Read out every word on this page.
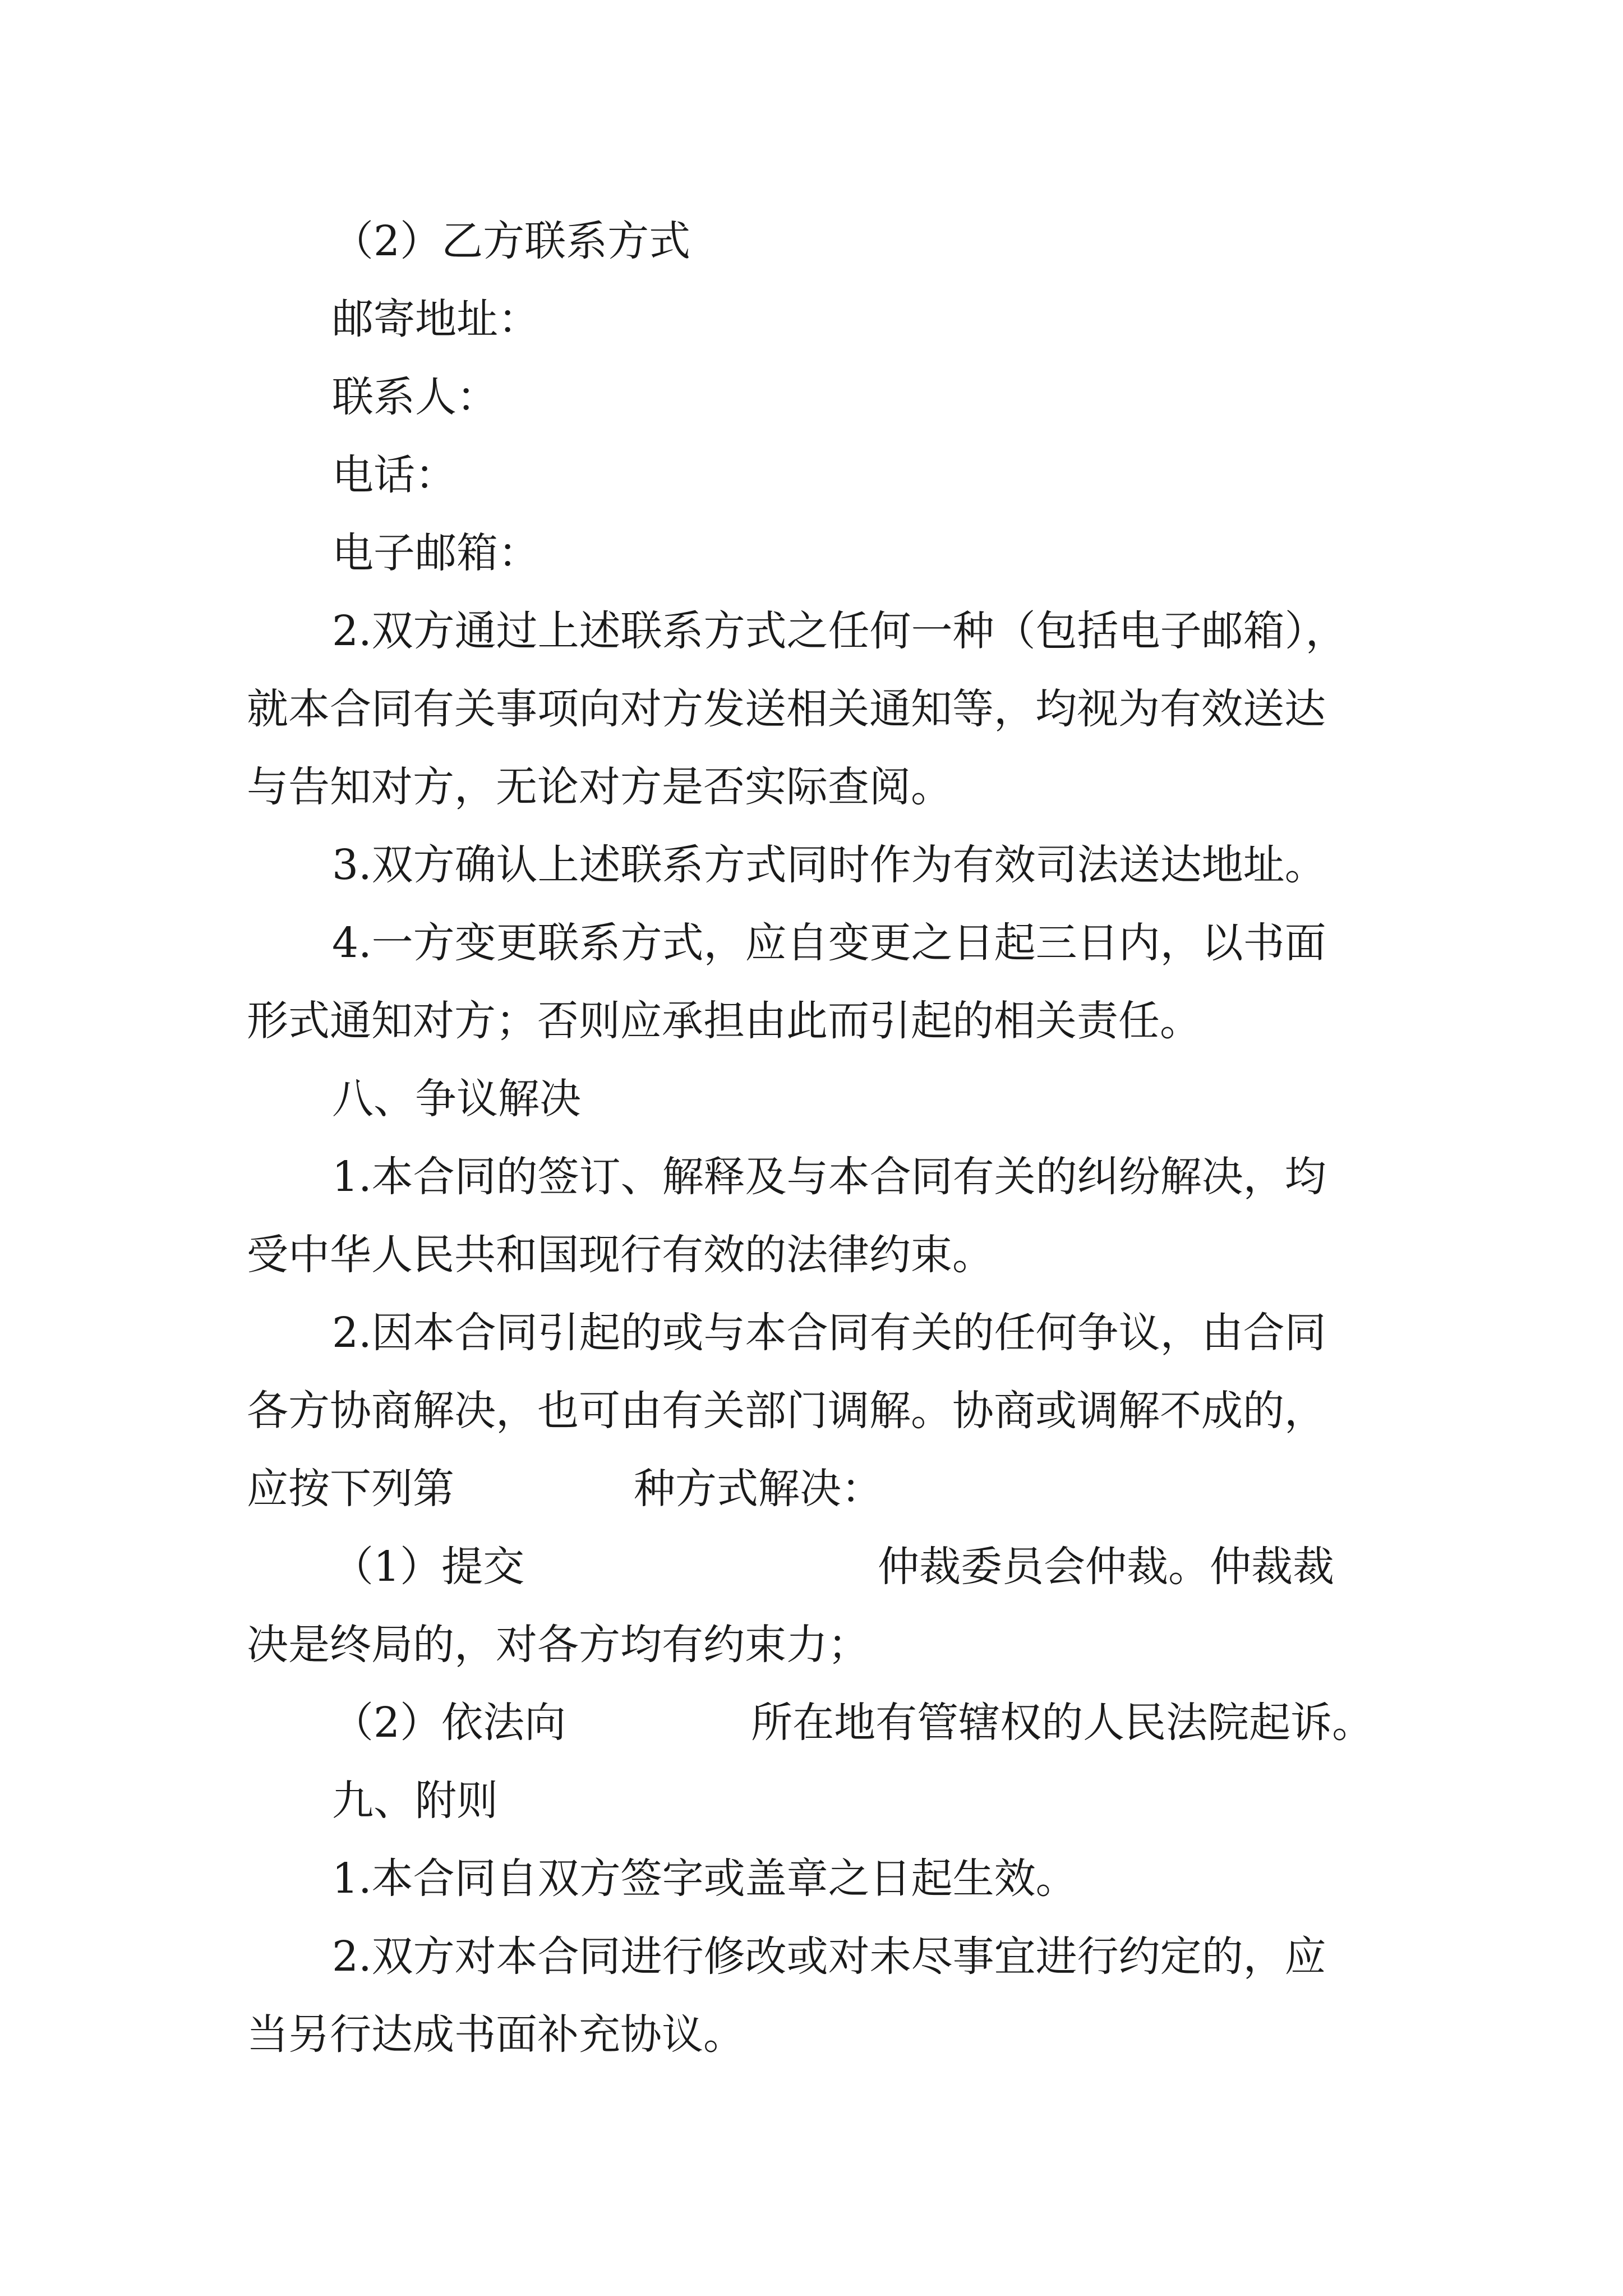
（2）乙方联系方式

邮寄地址：

联系人：

电话：

电子邮箱：

2.双方通过上述联系方式之任何一种（包括电子邮箱），

就本合同有关事项向对方发送相关通知等，均视为有效送达

与告知对方，无论对方是否实际查阅。

3.双方确认上述联系方式同时作为有效司法送达地址。

4.一方变更联系方式，应自变更之日起三日内，以书面

形式通知对方；否则应承担由此而引起的相关责任。

八、争议解决

1.本合同的签订、解释及与本合同有关的纠纷解决，均

受中华人民共和国现行有效的法律约束。

2.因本合同引起的或与本合同有关的任何争议，由合同

各方协商解决，也可由有关部门调解。协商或调解不成的，

应按下列第	种方式解决：

（1）提交	仲裁委员会仲裁。仲裁裁

决是终局的，对各方均有约束力；

（2）依法向	所在地有管辖权的人民法院起诉。

九、附则

1.本合同自双方签字或盖章之日起生效。

2.双方对本合同进行修改或对未尽事宜进行约定的，应

当另行达成书面补充协议。
